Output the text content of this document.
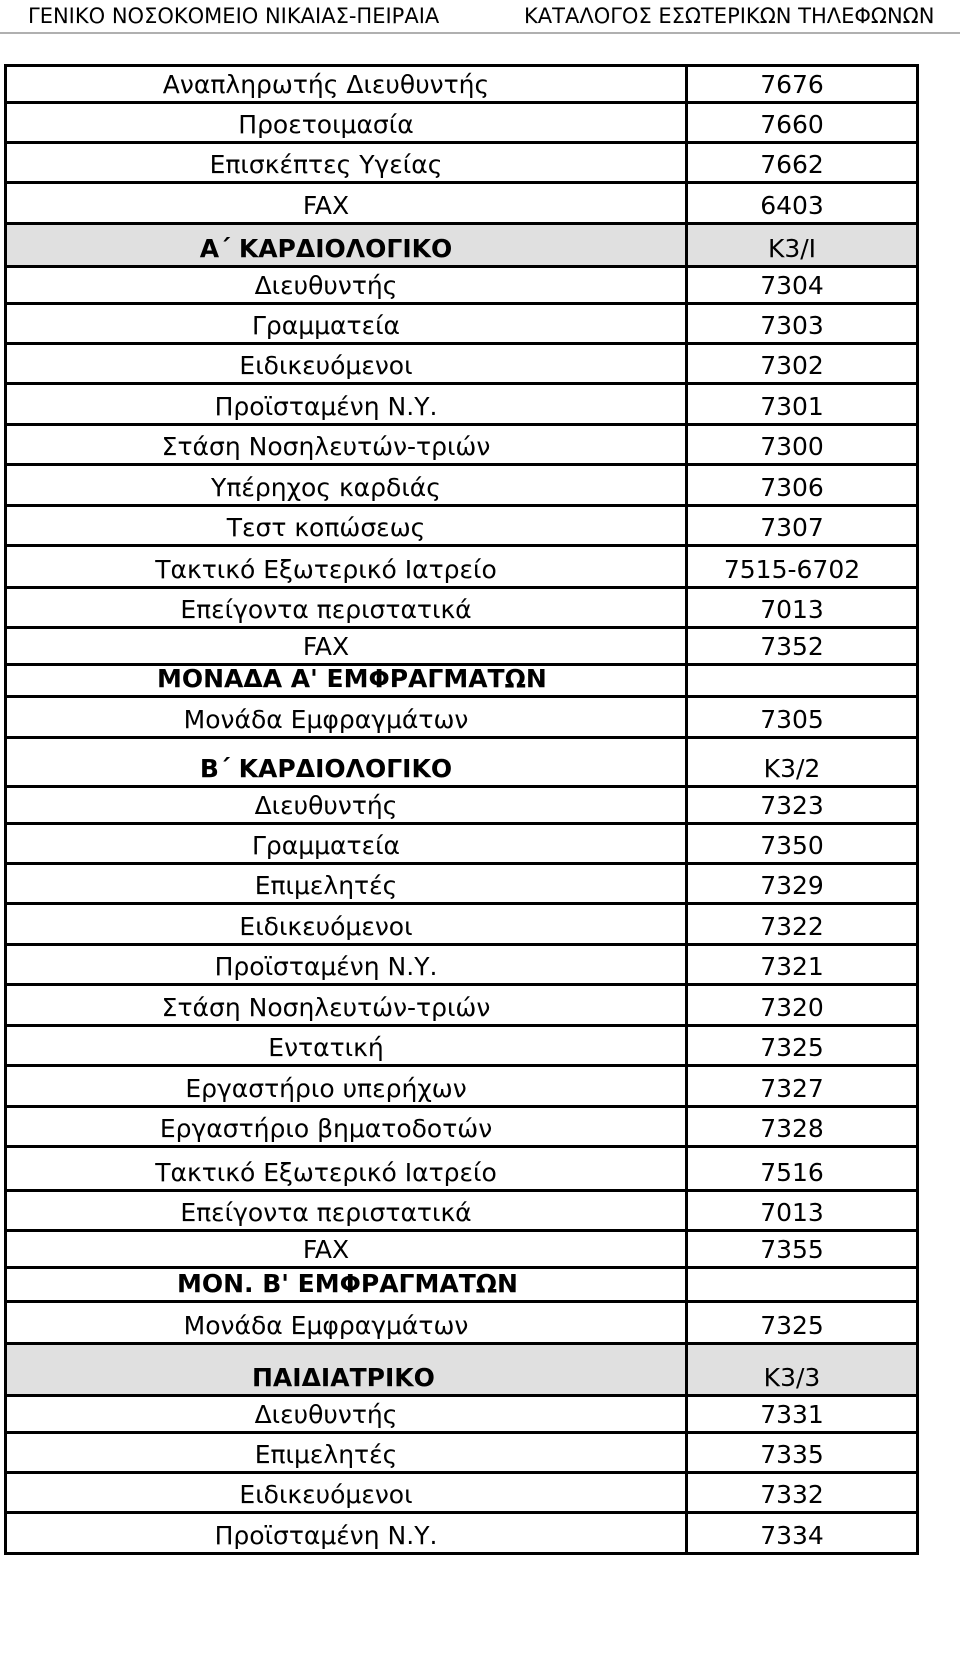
ΓΕΝΙΚΟ ΝΟΣΟΚΟΜΕΙΟ ΝΙΚΑΙΑΣ-ΠΕΙΡΑΙΑ	ΚΑΤΑΛΟΓΟΣ ΕΣΩΤΕΡΙΚΩΝ ΤΗΛΕΦΩΝΩΝ
Αναπληρωτής Διευθυντής	7676
Προετοιμασία	7660
Επισκέπτες Υγείας	7662
FAX	6403
Α΄ ΚΑΡΔΙΟΛΟΓΙΚΟ	Κ3/Ι
Διευθυντής	7304
Γραμματεία	7303
Ειδικευόμενοι	7302
Προϊσταμένη Ν.Υ.	7301
Στάση Νοσηλευτών-τριών	7300
Υπέρηχος καρδιάς	7306
Τεστ κοπώσεως	7307
Τακτικό Εξωτερικό Ιατρείο	7515-6702
Επείγοντα περιστατικά	7013
FAX	7352
ΜΟΝΑΔΑ Α' ΕΜΦΡΑΓΜΑΤΩΝ	
Μονάδα Εμφραγμάτων	7305
Β΄ ΚΑΡΔΙΟΛΟΓΙΚΟ	Κ3/2
Διευθυντής	7323
Γραμματεία	7350
Επιμελητές	7329
Ειδικευόμενοι	7322
Προϊσταμένη Ν.Υ.	7321
Στάση Νοσηλευτών-τριών	7320
Εντατική	7325
Εργαστήριο υπερήχων	7327
Εργαστήριο βηματοδοτών	7328
Τακτικό Εξωτερικό Ιατρείο	7516
Επείγοντα περιστατικά	7013
FAX	7355
ΜΟΝ. Β' ΕΜΦΡΑΓΜΑΤΩΝ	
Μονάδα Εμφραγμάτων	7325
ΠΑΙΔΙΑΤΡΙΚΟ	Κ3/3
Διευθυντής	7331
Επιμελητές	7335
Ειδικευόμενοι	7332
Προϊσταμένη Ν.Υ.	7334
